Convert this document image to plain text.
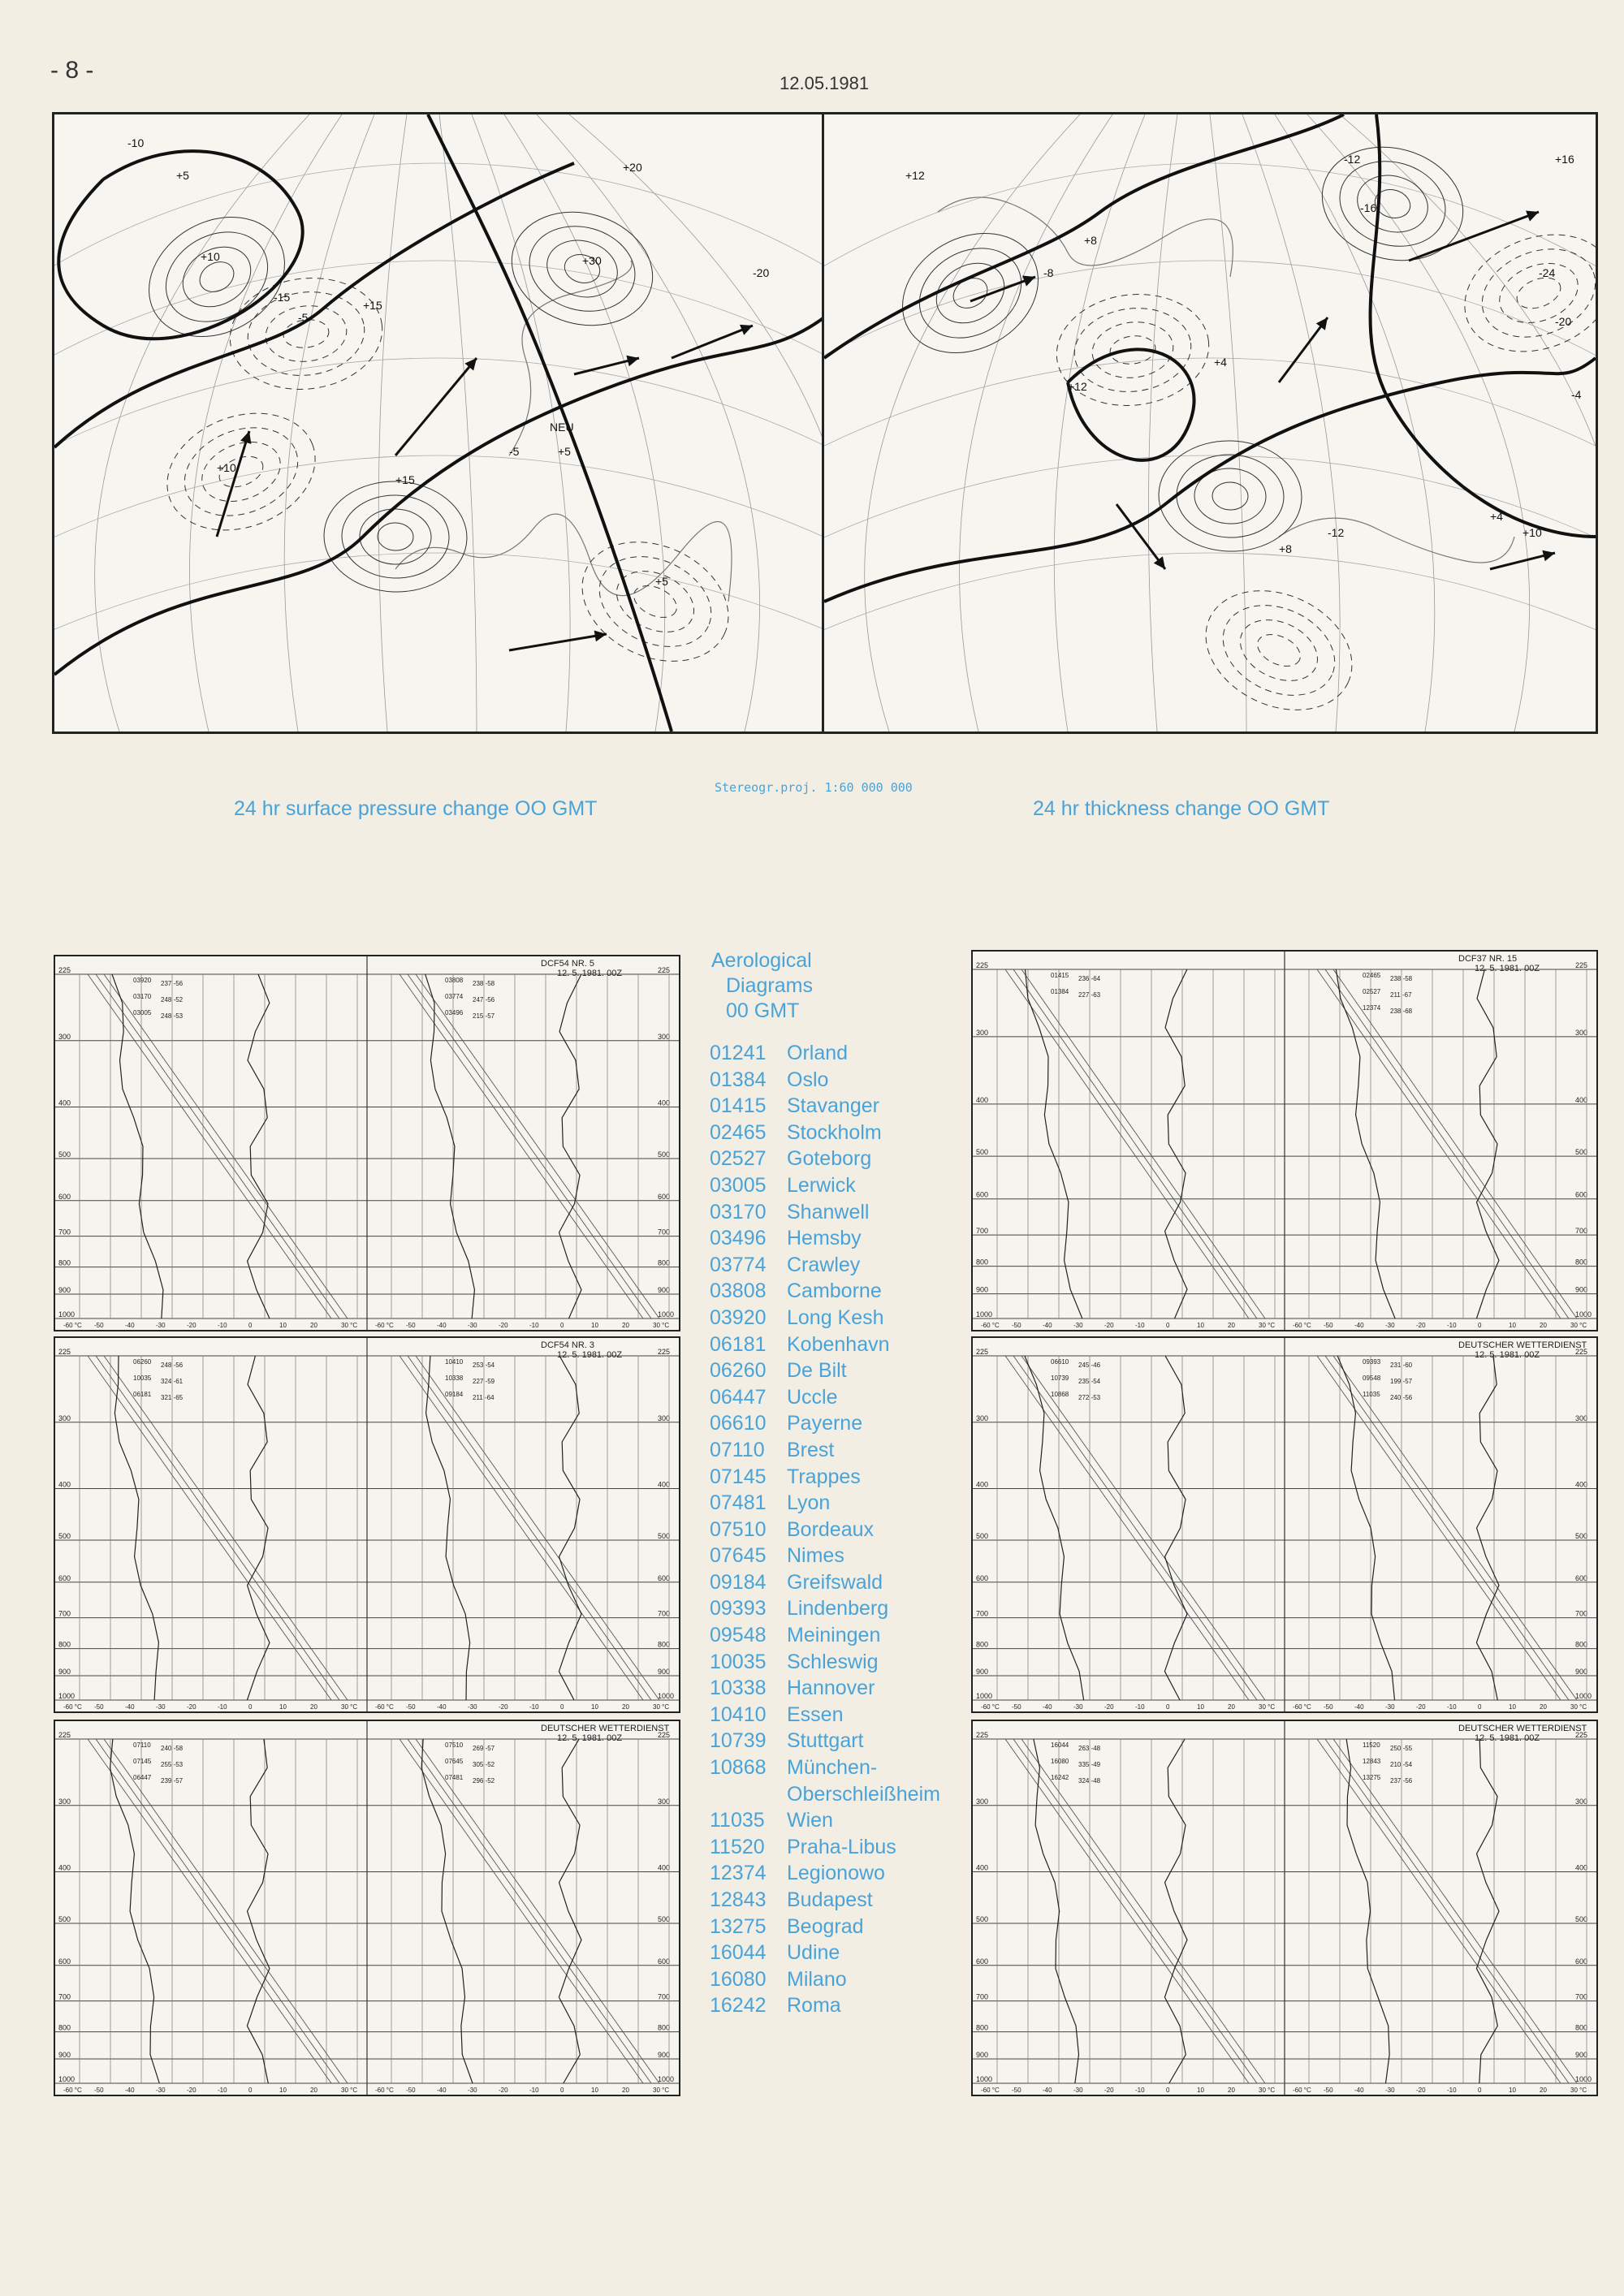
- 8 -	12.05.1981
-10
+5
+10
-5
-15
+15
+20
-20
+30
NEU
-5	+5
+10
+15
+5
+12
-12
-16
+16
+8
-8	-24
-20
-4
+4
+12
-12
+8
+4
+10
Stereogr.proj. 1:60 000 000
24 hr surface pressure change OO GMT	24 hr thickness change OO GMT
225	225
300	300
400	400
500	500
600	600
700	700
800	800
900	900
1000	1000
03920 237 -56
03170 248 -52
03005 248 -53
03808 238 -58
03774 247 -56
03496 215 -57
DCF54 NR. 5
12. 5. 1981. 00Z
-60 °C	-60 °C
-50	-50
-40	-40
-30	-30
-20	-20
-10	-10
0	0
10	10
20	20
30 °C	30 °C
225	225
300	300
400	400
500	500
600	600
700	700
800	800
900	900
1000	1000
01415 236 -64
01384 227 -63
02465 238 -58
02527 211 -67
12374 238 -68
DCF37 NR. 15
12. 5. 1981. 00Z
-60 °C	-60 °C
-50	-50
-40	-40
-30	-30
-20	-20
-10	-10
0	0
10	10
20	20
30 °C	30 °C
225	225
300	300
400	400
500	500
600	600
700	700
800	800
900	900
1000	1000
06260 248 -56
10035 324 -61
06181 321 -65
10410 253 -54
10338 227 -59
09184 211 -64
DCF54 NR. 3
12. 5. 1981. 00Z
-60 °C	-60 °C
-50	-50
-40	-40
-30	-30
-20	-20
-10	-10
0	0
10	10
20	20
30 °C	30 °C
225	225
300	300
400	400
500	500
600	600
700	700
800	800
900	900
1000	1000
06610 245 -46
10739 235 -54
10868 272 -53
09393 231 -60
09548 199 -57
11035 240 -56
DEUTSCHER WETTERDIENST
12. 5. 1981. 00Z
-60 °C	-60 °C
-50	-50
-40	-40
-30	-30
-20	-20
-10	-10
0	0
10	10
20	20
30 °C	30 °C
225	225
300	300
400	400
500	500
600	600
700	700
800	800
900	900
1000	1000
07110 240 -58
07145 255 -53
06447 239 -57
07510 269 -57
07645 305 -52
07481 296 -52
DEUTSCHER WETTERDIENST
12. 5. 1981. 00Z
-60 °C	-60 °C
-50	-50
-40	-40
-30	-30
-20	-20
-10	-10
0	0
10	10
20	20
30 °C	30 °C
225	225
300	300
400	400
500	500
600	600
700	700
800	800
900	900
1000	1000
16044 263 -48
16080 335 -49
16242 324 -48
11520 250 -55
12843 210 -54
13275 237 -56
DEUTSCHER WETTERDIENST
12. 5. 1981. 00Z
-60 °C	-60 °C
-50	-50
-40	-40
-30	-30
-20	-20
-10	-10
0	0
10	10
20	20
30 °C	30 °C
Aerological
Diagrams
00 GMT
01241	Orland
01384	Oslo
01415	Stavanger
02465	Stockholm
02527	Goteborg
03005	Lerwick
03170	Shanwell
03496	Hemsby
03774	Crawley
03808	Camborne
03920	Long Kesh
06181	Kobenhavn
06260	De Bilt
06447	Uccle
06610	Payerne
07110	Brest
07145	Trappes
07481	Lyon
07510	Bordeaux
07645	Nimes
09184	Greifswald
09393	Lindenberg
09548	Meiningen
10035	Schleswig
10338	Hannover
10410	Essen
10739	Stuttgart
10868	München-
Oberschleißheim
11035	Wien
11520	Praha-Libus
12374	Legionowo
12843	Budapest
13275	Beograd
16044	Udine
16080	Milano
16242	Roma
